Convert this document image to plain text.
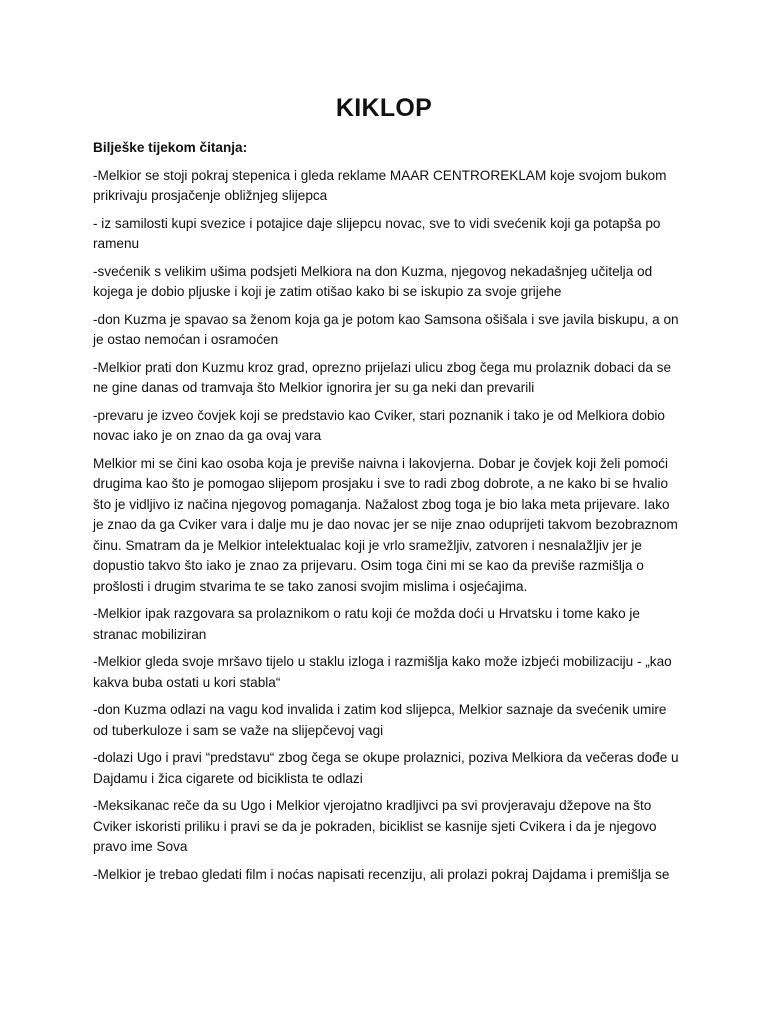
KIKLOP

Bilješke tijekom čitanja:

-Melkior se stoji pokraj stepenica i gleda reklame MAAR CENTROREKLAM koje svojom bukom prikrivaju prosjačenje obližnjeg slijepca

- iz samilosti kupi svezice i potajice daje slijepcu novac, sve to vidi svećenik koji ga potapša po ramenu

-svećenik s velikim ušima podsjeti Melkiora na don Kuzma, njegovog nekadašnjeg učitelja od kojega je dobio pljuske i koji je zatim otišao kako bi se iskupio za svoje grijehe

-don Kuzma je spavao sa ženom koja ga je potom kao Samsona ošišala i sve javila biskupu, a on je ostao nemoćan i osramoćen

-Melkior prati don Kuzmu kroz grad, oprezno prijelazi ulicu zbog čega mu prolaznik dobaci da se ne gine danas od tramvaja što Melkior ignorira jer su ga neki dan prevarili

-prevaru je izveo čovjek koji se predstavio kao Cviker, stari poznanik i tako je od Melkiora dobio novac iako je on znao da ga ovaj vara

Melkior mi se čini kao osoba koja je previše naivna i lakovjerna. Dobar je čovjek koji želi pomoći drugima kao što je pomogao slijepom prosjaku i sve to radi zbog dobrote, a ne kako bi se hvalio što je vidljivo iz načina njegovog pomaganja. Nažalost zbog toga je bio laka meta prijevare. Iako je znao da ga Cviker vara i dalje mu je dao novac jer se nije znao oduprijeti takvom bezobraznom činu. Smatram da je Melkior intelektualac koji je vrlo sramežljiv, zatvoren i nesnalažljiv jer je dopustio takvo što iako je znao za prijevaru. Osim toga čini mi se kao da previše razmišlja o prošlosti i drugim stvarima te se tako zanosi svojim mislima i osjećajima.

-Melkior ipak razgovara sa prolaznikom o ratu koji će možda doći u Hrvatsku i tome kako je stranac mobiliziran

-Melkior gleda svoje mršavo tijelo u staklu izloga i razmišlja kako može izbjeći mobilizaciju - „kao kakva buba ostati u kori stabla“

-don Kuzma odlazi na vagu kod invalida i zatim kod slijepca, Melkior saznaje da svećenik umire od tuberkuloze i sam se važe na slijepčevoj vagi

-dolazi Ugo i pravi “predstavu“ zbog čega se okupe prolaznici, poziva Melkiora da večeras dođe u Dajdamu i žica cigarete od biciklista te odlazi

-Meksikanac reče da su Ugo i Melkior vjerojatno kradljivci pa svi provjeravaju džepove na što Cviker iskoristi priliku i pravi se da je pokraden, biciklist se kasnije sjeti Cvikera i da je njegovo pravo ime Sova

-Melkior je trebao gledati film i noćas napisati recenziju, ali prolazi pokraj Dajdama i premišlja se
